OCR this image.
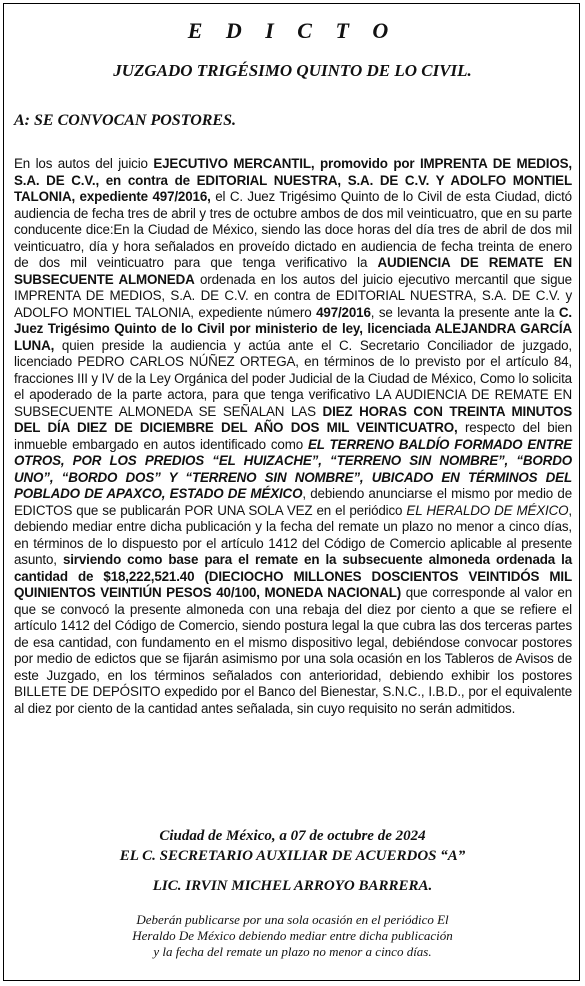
E D I C T O
JUZGADO TRIGÉSIMO QUINTO DE LO CIVIL.
A: SE CONVOCAN POSTORES.

En los autos del juicio EJECUTIVO MERCANTIL, promovido por IMPRENTA DE MEDIOS, S.A. DE C.V., en contra de EDITORIAL NUESTRA, S.A. DE C.V. Y ADOLFO MONTIEL TALONIA, expediente 497/2016, el C. Juez Trigésimo Quinto de lo Civil de esta Ciudad, dictó audiencia de fecha tres de abril y tres de octubre ambos de dos mil veinticuatro, que en su parte conducente dice:En la Ciudad de México, siendo las doce horas del día tres de abril de dos mil veinticuatro, día y hora señalados en proveído dictado en audiencia de fecha treinta de enero de dos mil veinticuatro para que tenga verificativo la AUDIENCIA DE REMATE EN SUBSECUENTE ALMONEDA ordenada en los autos del juicio ejecutivo mercantil que sigue IMPRENTA DE MEDIOS, S.A. DE C.V. en contra de EDITORIAL NUESTRA, S.A. DE C.V. y ADOLFO MONTIEL TALONIA, expediente número 497/2016, se levanta la presente ante la C. Juez Trigésimo Quinto de lo Civil por ministerio de ley, licenciada ALEJANDRA GARCÍA LUNA, quien preside la audiencia y actúa ante el C. Secretario Conciliador de juzgado, licenciado PEDRO CARLOS NÚÑEZ ORTEGA, en términos de lo previsto por el artículo 84, fracciones III y IV de la Ley Orgánica del poder Judicial de la Ciudad de México, Como lo solicita el apoderado de la parte actora, para que tenga verificativo LA AUDIENCIA DE REMATE EN SUBSECUENTE ALMONEDA SE SEÑALAN LAS DIEZ HORAS CON TREINTA MINUTOS DEL DÍA DIEZ DE DICIEMBRE DEL AÑO DOS MIL VEINTICUATRO, respecto del bien inmueble embargado en autos identificado como EL TERRENO BALDÍO FORMADO ENTRE OTROS, POR LOS PREDIOS “EL HUIZACHE”, “TERRENO SIN NOMBRE”, “BORDO UNO”, “BORDO DOS” Y “TERRENO SIN NOMBRE”, UBICADO EN TÉRMINOS DEL POBLADO DE APAXCO, ESTADO DE MÉXICO, debiendo anunciarse el mismo por medio de EDICTOS que se publicarán POR UNA SOLA VEZ en el periódico EL HERALDO DE MÉXICO, debiendo mediar entre dicha publicación y la fecha del remate un plazo no menor a cinco días, en términos de lo dispuesto por el artículo 1412 del Código de Comercio aplicable al presente asunto, sirviendo como base para el remate en la subsecuente almoneda ordenada la cantidad de $18,222,521.40 (DIECIOCHO MILLONES DOSCIENTOS VEINTIDÓS MIL QUINIENTOS VEINTIÚN PESOS 40/100, MONEDA NACIONAL) que corresponde al valor en que se convocó la presente almoneda con una rebaja del diez por ciento a que se refiere el artículo 1412 del Código de Comercio, siendo postura legal la que cubra las dos terceras partes de esa cantidad, con fundamento en el mismo dispositivo legal, debiéndose convocar postores por medio de edictos que se fijarán asimismo por una sola ocasión en los Tableros de Avisos de este Juzgado, en los términos señalados con anterioridad, debiendo exhibir los postores BILLETE DE DEPÓSITO expedido por el Banco del Bienestar, S.N.C., I.B.D., por el equivalente al diez por ciento de la cantidad antes señalada, sin cuyo requisito no serán admitidos.

Ciudad de México, a 07 de octubre de 2024
EL C. SECRETARIO AUXILIAR DE ACUERDOS “A”
LIC. IRVIN MICHEL ARROYO BARRERA.
Deberán publicarse por una sola ocasión en el periódico El Heraldo De México debiendo mediar entre dicha publicación y la fecha del remate un plazo no menor a cinco días.
